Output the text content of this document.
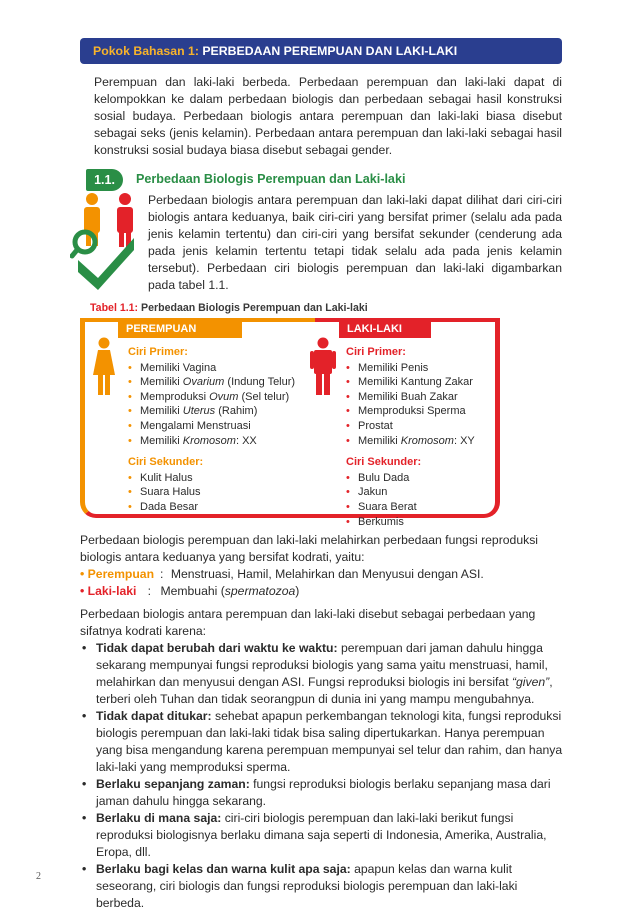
Pokok Bahasan 1: PERBEDAAN PEREMPUAN DAN LAKI-LAKI
Perempuan dan laki-laki berbeda. Perbedaan perempuan dan laki-laki dapat di kelompokkan ke dalam perbedaan biologis dan perbedaan sebagai hasil konstruksi sosial budaya. Perbedaan biologis antara perempuan dan laki-laki biasa disebut sebagai seks (jenis kelamin). Perbedaan antara perempuan dan laki-laki sebagai hasil konstruksi sosial budaya biasa disebut sebagai gender.
1.1.	Perbedaan Biologis Perempuan dan Laki-laki
Perbedaan biologis antara perempuan dan laki-laki dapat dilihat dari ciri-ciri biologis antara keduanya, baik ciri-ciri yang bersifat primer (selalu ada pada jenis kelamin tertentu) dan ciri-ciri yang bersifat sekunder (cenderung ada pada jenis kelamin tertentu tetapi tidak selalu ada pada jenis kelamin tersebut). Perbedaan ciri biologis perempuan dan laki-laki digambarkan pada tabel 1.1.
Tabel 1.1: Perbedaan Biologis Perempuan dan Laki-laki
PEREMPUAN	LAKI-LAKI
Ciri Primer:
• Memiliki Vagina
• Memiliki Ovarium (Indung Telur)
• Memproduksi Ovum (Sel telur)
• Memiliki Uterus (Rahim)
• Mengalami Menstruasi
• Memiliki Kromosom: XX
Ciri Sekunder:
• Kulit Halus
• Suara Halus
• Dada Besar
Ciri Primer:
• Memiliki Penis
• Memiliki Kantung Zakar
• Memiliki Buah Zakar
• Memproduksi Sperma
• Prostat
• Memiliki Kromosom: XY
Ciri Sekunder:
• Bulu Dada
• Jakun
• Suara Berat
• Berkumis
Perbedaan biologis perempuan dan laki-laki melahirkan perbedaan fungsi reproduksi biologis antara keduanya yang bersifat kodrati, yaitu:
• Perempuan : Menstruasi, Hamil, Melahirkan dan Menyusui dengan ASI.
• Laki-laki : Membuahi (spermatozoa)
Perbedaan biologis antara perempuan dan laki-laki disebut sebagai perbedaan yang sifatnya kodrati karena:
• Tidak dapat berubah dari waktu ke waktu: perempuan dari jaman dahulu hingga sekarang mempunyai fungsi reproduksi biologis yang sama yaitu menstruasi, hamil, melahirkan dan menyusui dengan ASI. Fungsi reproduksi biologis ini bersifat “given”, terberi oleh Tuhan dan tidak seorangpun di dunia ini yang mampu mengubahnya.
• Tidak dapat ditukar: sehebat apapun perkembangan teknologi kita, fungsi reproduksi biologis perempuan dan laki-laki tidak bisa saling dipertukarkan. Hanya perempuan yang bisa mengandung karena perempuan mempunyai sel telur dan rahim, dan hanya laki-laki yang memproduksi sperma.
• Berlaku sepanjang zaman: fungsi reproduksi biologis berlaku sepanjang masa dari jaman dahulu hingga sekarang.
• Berlaku di mana saja: ciri-ciri biologis perempuan dan laki-laki berikut fungsi reproduksi biologisnya berlaku dimana saja seperti di Indonesia, Amerika, Australia, Eropa, dll.
• Berlaku bagi kelas dan warna kulit apa saja: apapun kelas dan warna kulit seseorang, ciri biologis dan fungsi reproduksi biologis perempuan dan laki-laki berbeda.
2
